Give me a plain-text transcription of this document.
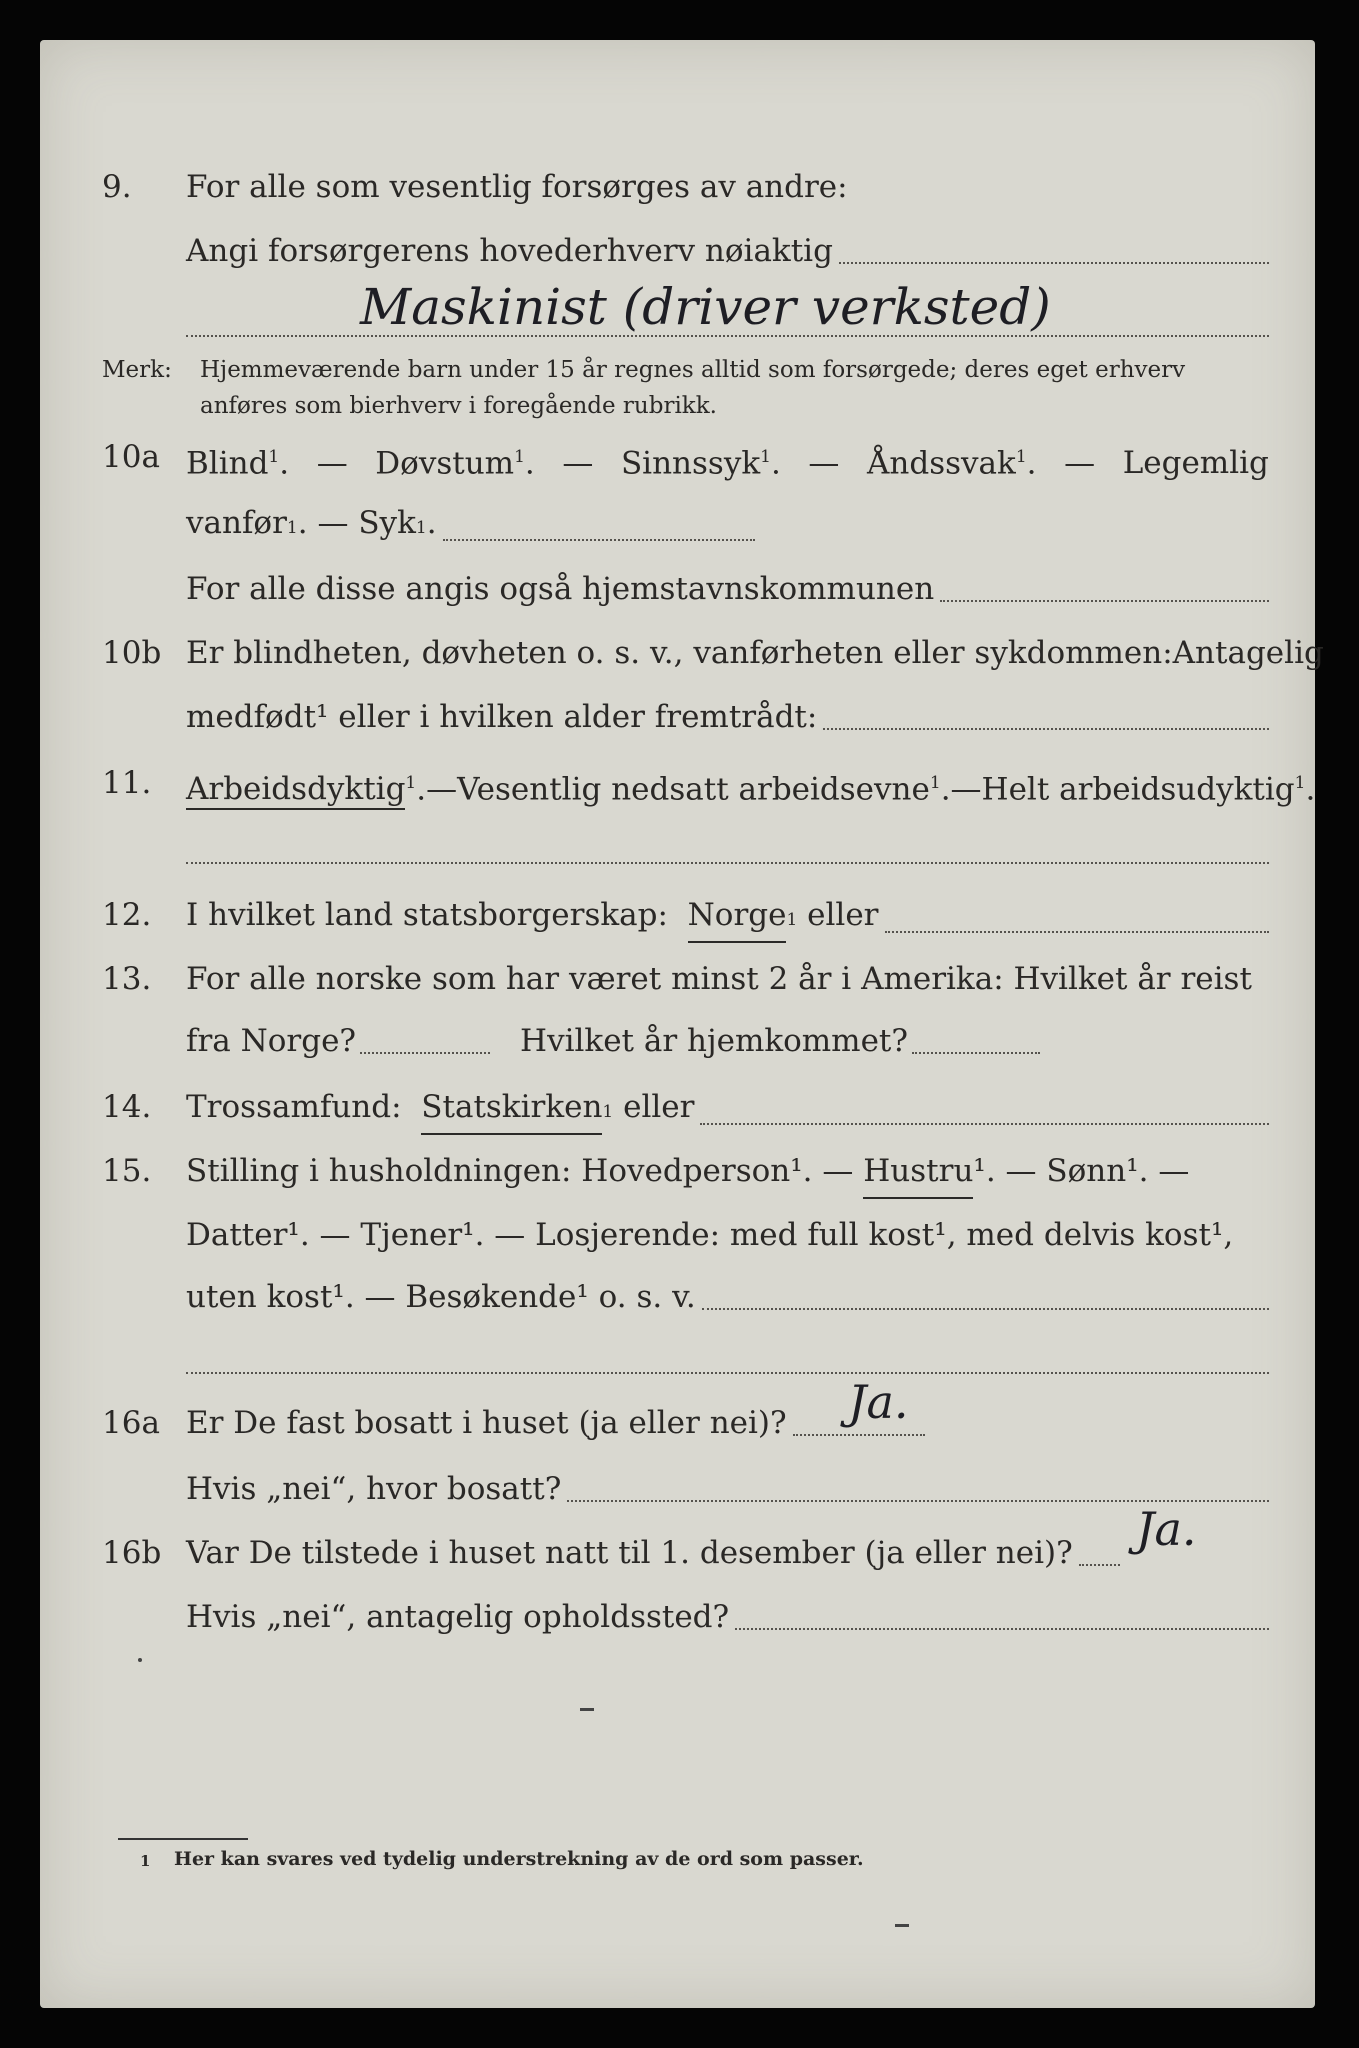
9. For alle som vesentlig forsørges av andre:
Angi forsørgerens hovederhverv nøiaktig
Maskinist (driver verksted)
Merk: Hjemmeværende barn under 15 år regnes alltid som forsørgede; deres eget erhverv
anføres som bierhverv i foregående rubrikk.
10a Blind$^1$. — Døvstum$^1$. — Sinnssyk$^1$. — Åndssvak$^1$. — Legemlig
vanfør 1 . — Syk 1 .
For alle disse angis også hjemstavnskommunen
10b Er blindheten, døvheten o. s. v., vanførheten eller sykdommen: Antagelig
medfødt¹ eller i hvilken alder fremtrådt:
11. Arbeidsdyktig$^1$. — Vesentlig nedsatt arbeidsevne$^1$. — Helt arbeidsudyktig$^1$.
12. I hvilket land statsborgerskap:
Norge 1
eller
13. For alle norske som har været minst 2 år i Amerika: Hvilket år reist
fra Norge?	Hvilket år hjemkommet?
14. Trossamfund:
Statskirken 1
eller
15. Stilling i husholdningen: Hovedperson¹. —
Hustru ¹. — Sønn¹. —
Datter¹. — Tjener¹. — Losjerende: med full kost¹, med delvis kost¹,
uten kost¹. — Besøkende¹ o. s. v.
16a Er De fast bosatt i huset (ja eller nei)? Ja.
Hvis „nei“, hvor bosatt?
16b Var De tilstede i huset natt til 1. desember (ja eller nei)? Ja.
Hvis „nei“, antagelig opholdssted?
1 Her kan svares ved tydelig understrekning av de ord som passer.
